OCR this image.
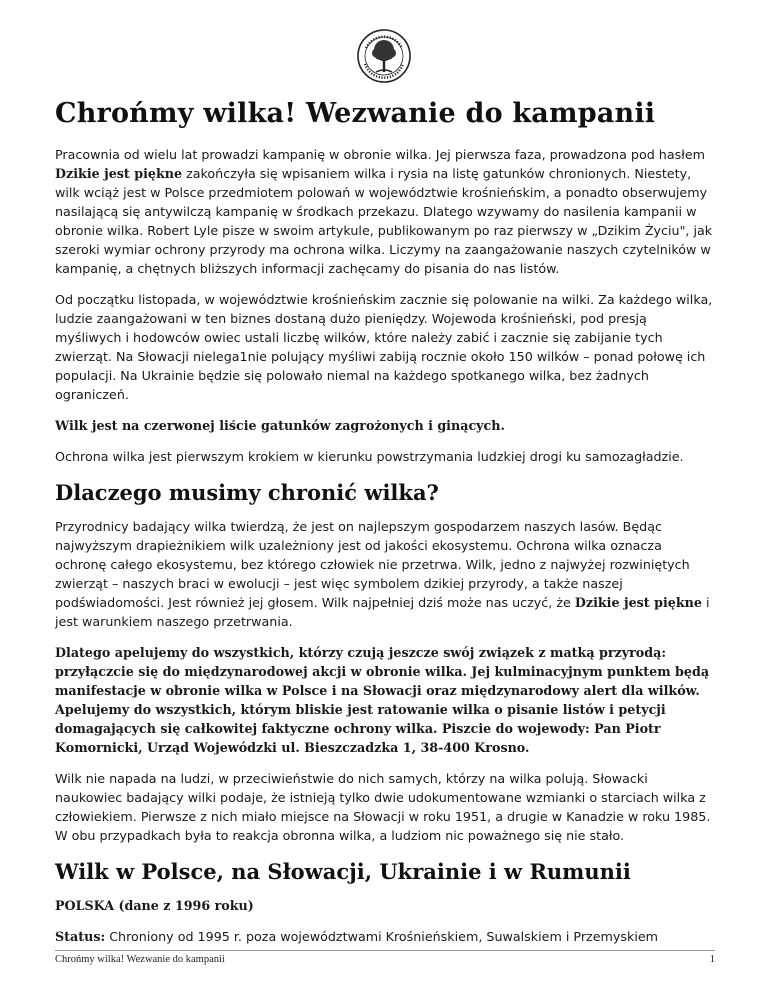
Chrońmy wilka! Wezwanie do kampanii

Pracownia od wielu lat prowadzi kampanię w obronie wilka. Jej pierwsza faza, prowadzona pod hasłem Dzikie jest piękne zakończyła się wpisaniem wilka i rysia na listę gatunków chronionych. Niestety, wilk wciąż jest w Polsce przedmiotem polowań w województwie krośnieńskim, a ponadto obserwujemy nasilającą się antywilczą kampanię w środkach przekazu. Dlatego wzywamy do nasilenia kampanii w obronie wilka. Robert Lyle pisze w swoim artykule, publikowanym po raz pierwszy w „Dzikim Życiu", jak szeroki wymiar ochrony przyrody ma ochrona wilka. Liczymy na zaangażowanie naszych czytelników w kampanię, a chętnych bliższych informacji zachęcamy do pisania do nas listów.

Od początku listopada, w województwie krośnieńskim zacznie się polowanie na wilki. Za każdego wilka, ludzie zaangażowani w ten biznes dostaną dużo pieniędzy. Wojewoda krośnieński, pod presją myśliwych i hodowców owiec ustali liczbę wilków, które należy zabić i zacznie się zabijanie tych zwierząt. Na Słowacji nielega1nie polujący myśliwi zabiją rocznie około 150 wilków – ponad połowę ich populacji. Na Ukrainie będzie się polowało niemal na każdego spotkanego wilka, bez żadnych ograniczeń.

Wilk jest na czerwonej liście gatunków zagrożonych i ginących.

Ochrona wilka jest pierwszym krokiem w kierunku powstrzymania ludzkiej drogi ku samozagładzie.

Dlaczego musimy chronić wilka?

Przyrodnicy badający wilka twierdzą, że jest on najlepszym gospodarzem naszych lasów. Będąc najwyższym drapieżnikiem wilk uzależniony jest od jakości ekosystemu. Ochrona wilka oznacza ochronę całego ekosystemu, bez którego człowiek nie przetrwa. Wilk, jedno z najwyżej rozwiniętych zwierząt – naszych braci w ewolucji – jest więc symbolem dzikiej przyrody, a także naszej podświadomości. Jest również jej głosem. Wilk najpełniej dziś może nas uczyć, że Dzikie jest piękne i jest warunkiem naszego przetrwania.

Dlatego apelujemy do wszystkich, którzy czują jeszcze swój związek z matką przyrodą: przyłączcie się do międzynarodowej akcji w obronie wilka. Jej kulminacyjnym punktem będą manifestacje w obronie wilka w Polsce i na Słowacji oraz międzynarodowy alert dla wilków. Apelujemy do wszystkich, którym bliskie jest ratowanie wilka o pisanie listów i petycji domagających się całkowitej faktyczne ochrony wilka. Piszcie do wojewody: Pan Piotr Komornicki, Urząd Wojewódzki ul. Bieszczadzka 1, 38-400 Krosno.

Wilk nie napada na ludzi, w przeciwieństwie do nich samych, którzy na wilka polują. Słowacki naukowiec badający wilki podaje, że istnieją tylko dwie udokumentowane wzmianki o starciach wilka z człowiekiem. Pierwsze z nich miało miejsce na Słowacji w roku 1951, a drugie w Kanadzie w roku 1985. W obu przypadkach była to reakcja obronna wilka, a ludziom nic poważnego się nie stało.

Wilk w Polsce, na Słowacji, Ukrainie i w Rumunii

POLSKA (dane z 1996 roku)

Status: Chroniony od 1995 r. poza województwami Krośnieńskiem, Suwalskiem i Przemyskiem

Chrońmy wilka! Wezwanie do kampanii	1
